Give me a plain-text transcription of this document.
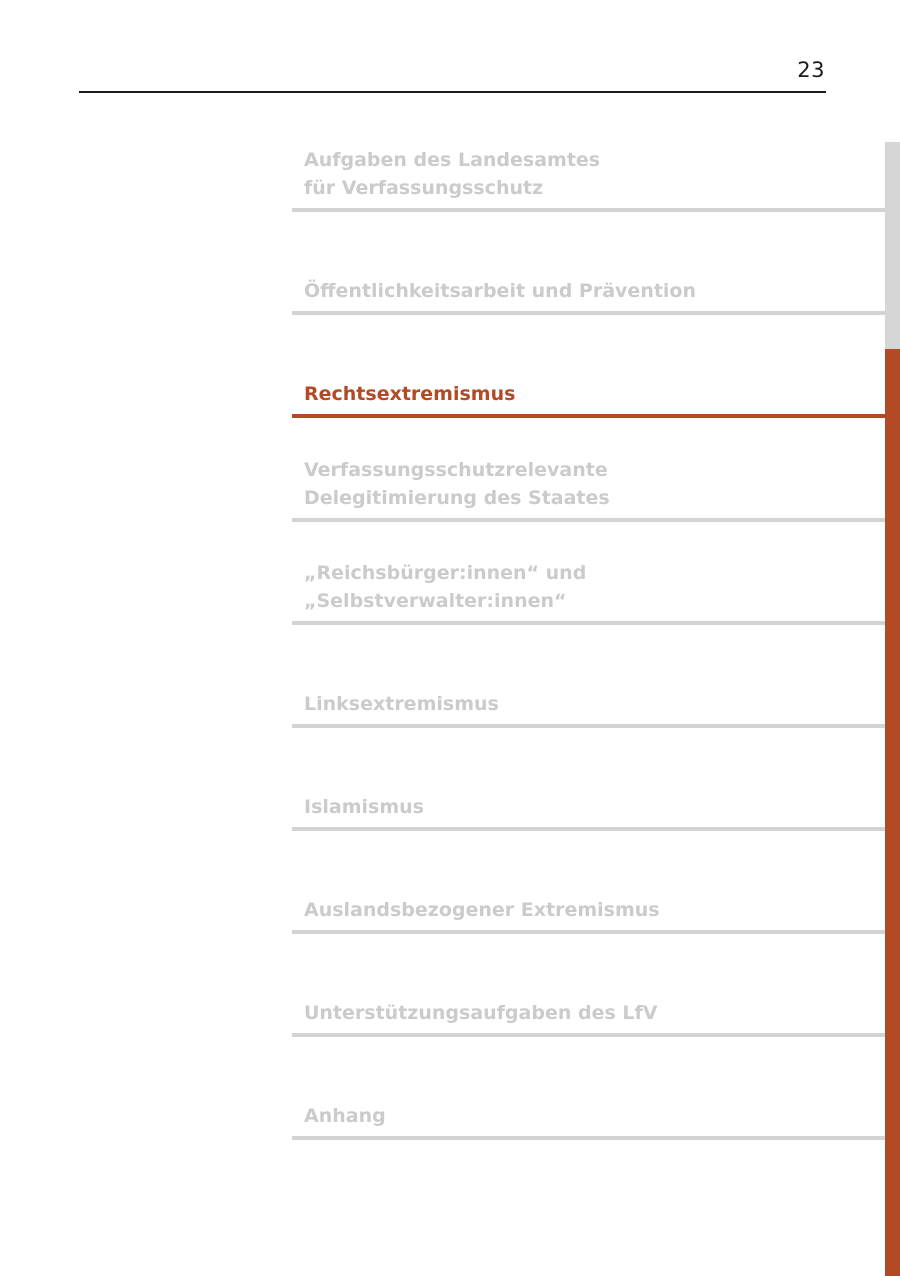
23
Aufgaben des Landesamtes
für Verfassungsschutz
Öffentlichkeitsarbeit und Prävention
Rechtsextremismus
Verfassungsschutzrelevante
Delegitimierung des Staates
„Reichsbürger:innen“ und
„Selbstverwalter:innen“
Linksextremismus
Islamismus
Auslandsbezogener Extremismus
Unterstützungsaufgaben des LfV
Anhang
